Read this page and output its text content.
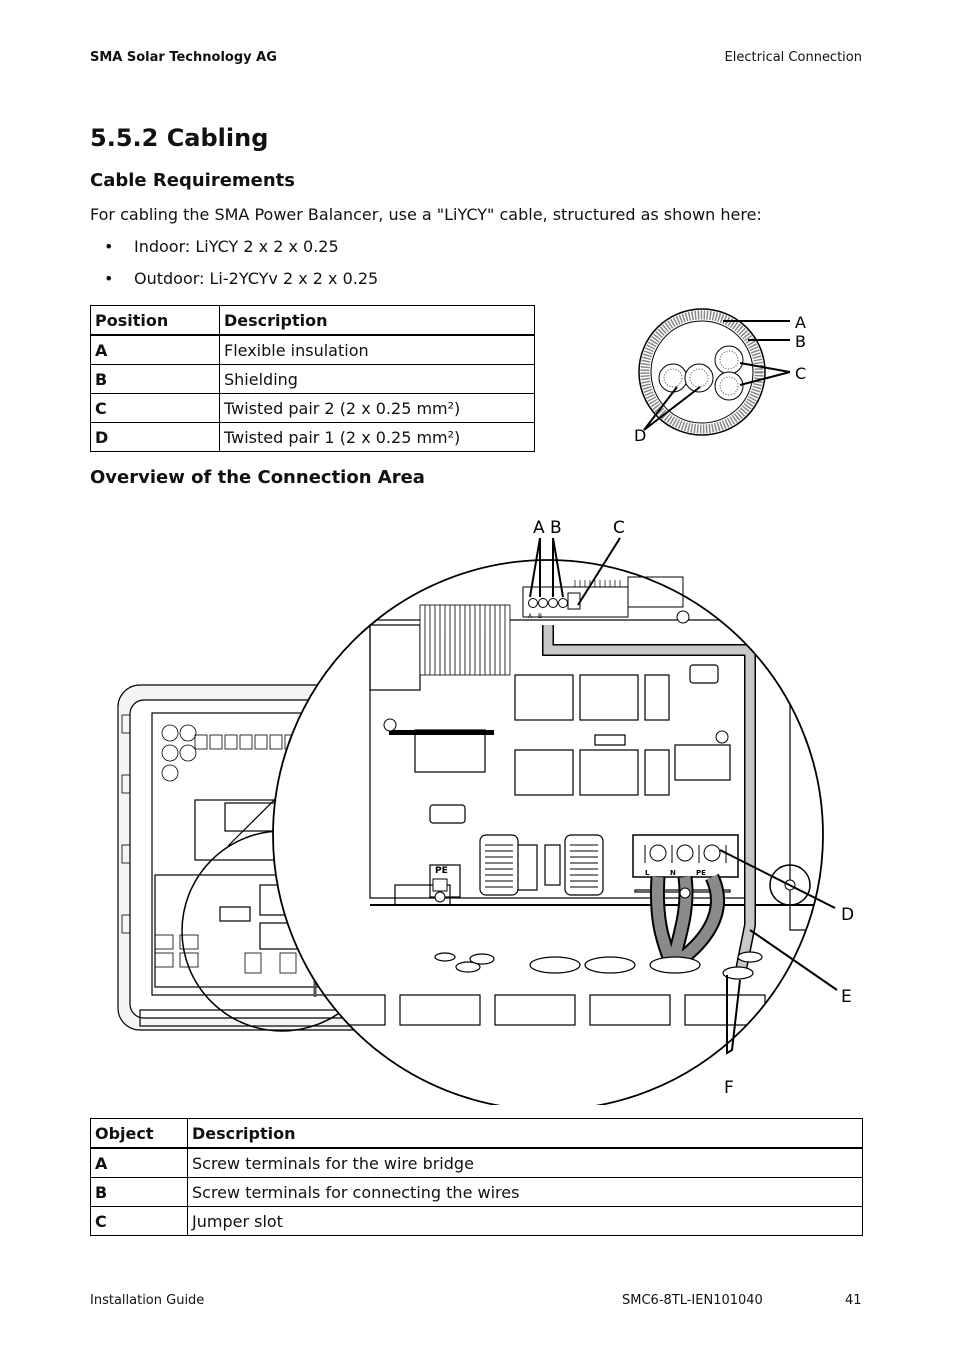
SMA Solar Technology AG	Electrical Connection
5.5.2 Cabling
Cable Requirements
For cabling the SMA Power Balancer, use a "LiYCY" cable, structured as shown here:
• Indoor: LiYCY 2 x 2 x 0.25
• Outdoor: Li-2YCYv 2 x 2 x 0.25
Position	Description
A	Flexible insulation
B	Shielding
C	Twisted pair 2 (2 x 0.25 mm²)
D	Twisted pair 1 (2 x 0.25 mm²)
A
B
C
D
Overview of the Connection Area
A B
A B	C
D
E
F
PE	L	N	PE
Object	Description
A	Screw terminals for the wire bridge
B	Screw terminals for connecting the wires
C	Jumper slot
Installation Guide	SMC6-8TL-IEN101040	41
